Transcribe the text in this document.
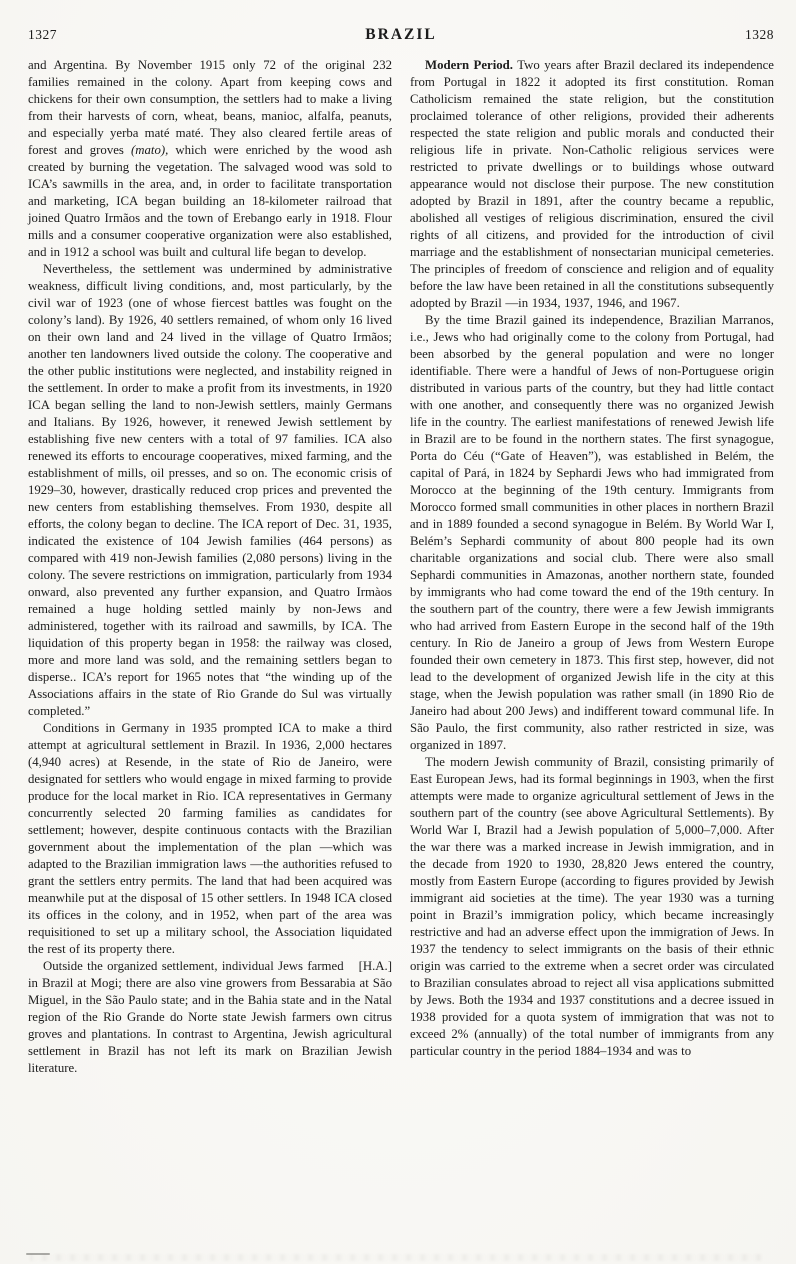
1327	BRAZIL	1328

and Argentina. By November 1915 only 72 of the original 232 families remained in the colony. Apart from keeping cows and chickens for their own consumption, the settlers had to make a living from their harvests of corn, wheat, beans, manioc, alfalfa, peanuts, and especially yerba maté maté. They also cleared fertile areas of forest and groves (mato), which were enriched by the wood ash created by burning the vegetation. The salvaged wood was sold to ICA’s sawmills in the area, and, in order to facilitate transportation and marketing, ICA began building an 18-kilometer railroad that joined Quatro Irmãos and the town of Erebango early in 1918. Flour mills and a consumer cooperative organization were also established, and in 1912 a school was built and cultural life began to develop.

Nevertheless, the settlement was undermined by administrative weakness, difficult living conditions, and, most particularly, by the civil war of 1923 (one of whose fiercest battles was fought on the colony’s land). By 1926, 40 settlers remained, of whom only 16 lived on their own land and 24 lived in the village of Quatro Irmãos; another ten landowners lived outside the colony. The cooperative and the other public institutions were neglected, and instability reigned in the settlement. In order to make a profit from its investments, in 1920 ICA began selling the land to non-Jewish settlers, mainly Germans and Italians. By 1926, however, it renewed Jewish settlement by establishing five new centers with a total of 97 families. ICA also renewed its efforts to encourage cooperatives, mixed farming, and the establishment of mills, oil presses, and so on. The economic crisis of 1929–30, however, drastically reduced crop prices and prevented the new centers from establishing themselves. From 1930, despite all efforts, the colony began to decline. The ICA report of Dec. 31, 1935, indicated the existence of 104 Jewish families (464 persons) as compared with 419 non-Jewish families (2,080 persons) living in the colony. The severe restrictions on immigration, particularly from 1934 onward, also prevented any further expansion, and Quatro Irmàos remained a huge holding settled mainly by non-Jews and administered, together with its railroad and sawmills, by ICA. The liquidation of this property began in 1958: the railway was closed, more and more land was sold, and the remaining settlers began to disperse.. ICA’s report for 1965 notes that “the winding up of the Associations affairs in the state of Rio Grande do Sul was virtually completed.”

Conditions in Germany in 1935 prompted ICA to make a third attempt at agricultural settlement in Brazil. In 1936, 2,000 hectares (4,940 acres) at Resende, in the state of Rio de Janeiro, were designated for settlers who would engage in mixed farming to provide produce for the local market in Rio. ICA representatives in Germany concurrently selected 20 farming families as candidates for settlement; however, despite continuous contacts with the Brazilian government about the implementation of the plan —which was adapted to the Brazilian immigration laws —the authorities refused to grant the settlers entry permits. The land that had been acquired was meanwhile put at the disposal of 15 other settlers. In 1948 ICA closed its offices in the colony, and in 1952, when part of the area was requisitioned to set up a military school, the Association liquidated the rest of its property there.

[H.A.]
Outside the organized settlement, individual Jews farmed in Brazil at Mogi; there are also vine growers from Bessarabia at São Miguel, in the São Paulo state; and in the Bahia state and in the Natal region of the Rio Grande do Norte state Jewish farmers own citrus groves and plantations. In contrast to Argentina, Jewish agricultural settlement in Brazil has not left its mark on Brazilian Jewish literature.

Modern Period. Two years after Brazil declared its independence from Portugal in 1822 it adopted its first constitution. Roman Catholicism remained the state religion, but the constitution proclaimed tolerance of other religions, provided their adherents respected the state religion and public morals and conducted their religious life in private. Non-Catholic religious services were restricted to private dwellings or to buildings whose outward appearance would not disclose their purpose. The new constitution adopted by Brazil in 1891, after the country became a republic, abolished all vestiges of religious discrimination, ensured the civil rights of all citizens, and provided for the introduction of civil marriage and the establishment of nonsectarian municipal cemeteries. The principles of freedom of conscience and religion and of equality before the law have been retained in all the constitutions subsequently adopted by Brazil —in 1934, 1937, 1946, and 1967.

By the time Brazil gained its independence, Brazilian Marranos, i.e., Jews who had originally come to the colony from Portugal, had been absorbed by the general population and were no longer identifiable. There were a handful of Jews of non-Portuguese origin distributed in various parts of the country, but they had little contact with one another, and consequently there was no organized Jewish life in the country. The earliest manifestations of renewed Jewish life in Brazil are to be found in the northern states. The first synagogue, Porta do Céu (“Gate of Heaven”), was established in Belém, the capital of Pará, in 1824 by Sephardi Jews who had immigrated from Morocco at the beginning of the 19th century. Immigrants from Morocco formed small communities in other places in northern Brazil and in 1889 founded a second synagogue in Belém. By World War I, Belém’s Sephardi community of about 800 people had its own charitable organizations and social club. There were also small Sephardi communities in Amazonas, another northern state, founded by immigrants who had come toward the end of the 19th century. In the southern part of the country, there were a few Jewish immigrants who had arrived from Eastern Europe in the second half of the 19th century. In Rio de Janeiro a group of Jews from Western Europe founded their own cemetery in 1873. This first step, however, did not lead to the development of organized Jewish life in the city at this stage, when the Jewish population was rather small (in 1890 Rio de Janeiro had about 200 Jews) and indifferent toward communal life. In São Paulo, the first community, also rather restricted in size, was organized in 1897.

The modern Jewish community of Brazil, consisting primarily of East European Jews, had its formal beginnings in 1903, when the first attempts were made to organize agricultural settlement of Jews in the southern part of the country (see above Agricultural Settlements). By World War I, Brazil had a Jewish population of 5,000–7,000. After the war there was a marked increase in Jewish immigration, and in the decade from 1920 to 1930, 28,820 Jews entered the country, mostly from Eastern Europe (according to figures provided by Jewish immigrant aid societies at the time). The year 1930 was a turning point in Brazil’s immigration policy, which became increasingly restrictive and had an adverse effect upon the immigration of Jews. In 1937 the tendency to select immigrants on the basis of their ethnic origin was carried to the extreme when a secret order was circulated to Brazilian consulates abroad to reject all visa applications submitted by Jews. Both the 1934 and 1937 constitutions and a decree issued in 1938 provided for a quota system of immigration that was not to exceed 2% (annually) of the total number of immigrants from any particular country in the period 1884–1934 and was to
